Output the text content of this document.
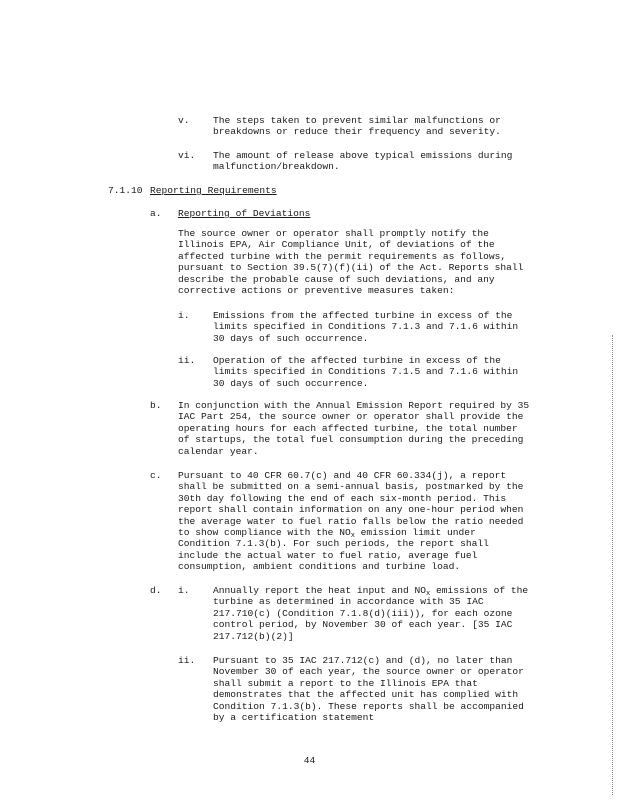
v. The steps taken to prevent similar malfunctions or breakdowns or reduce their frequency and severity.
vi. The amount of release above typical emissions during malfunction/breakdown.
7.1.10 Reporting Requirements
a. Reporting of Deviations
The source owner or operator shall promptly notify the Illinois EPA, Air Compliance Unit, of deviations of the affected turbine with the permit requirements as follows, pursuant to Section 39.5(7)(f)(ii) of the Act. Reports shall describe the probable cause of such deviations, and any corrective actions or preventive measures taken:
i. Emissions from the affected turbine in excess of the limits specified in Conditions 7.1.3 and 7.1.6 within 30 days of such occurrence.
ii. Operation of the affected turbine in excess of the limits specified in Conditions 7.1.5 and 7.1.6 within 30 days of such occurrence.
b. In conjunction with the Annual Emission Report required by 35 IAC Part 254, the source owner or operator shall provide the operating hours for each affected turbine, the total number of startups, the total fuel consumption during the preceding calendar year.
c. Pursuant to 40 CFR 60.7(c) and 40 CFR 60.334(j), a report shall be submitted on a semi-annual basis, postmarked by the 30th day following the end of each six-month period. This report shall contain information on any one-hour period when the average water to fuel ratio falls below the ratio needed to show compliance with the $NO_x$ emission limit under Condition 7.1.3(b). For such periods, the report shall include the actual water to fuel ratio, average fuel consumption, ambient conditions and turbine load.
d. i. Annually report the heat input and $NO_x$ emissions of the turbine as determined in accordance with 35 IAC 217.710(c) (Condition 7.1.8(d)(iii)), for each ozone control period, by November 30 of each year. [35 IAC 217.712(b)(2)]
ii. Pursuant to 35 IAC 217.712(c) and (d), no later than November 30 of each year, the source owner or operator shall submit a report to the Illinois EPA that demonstrates that the affected unit has complied with Condition 7.1.3(b). These reports shall be accompanied by a certification statement
44
